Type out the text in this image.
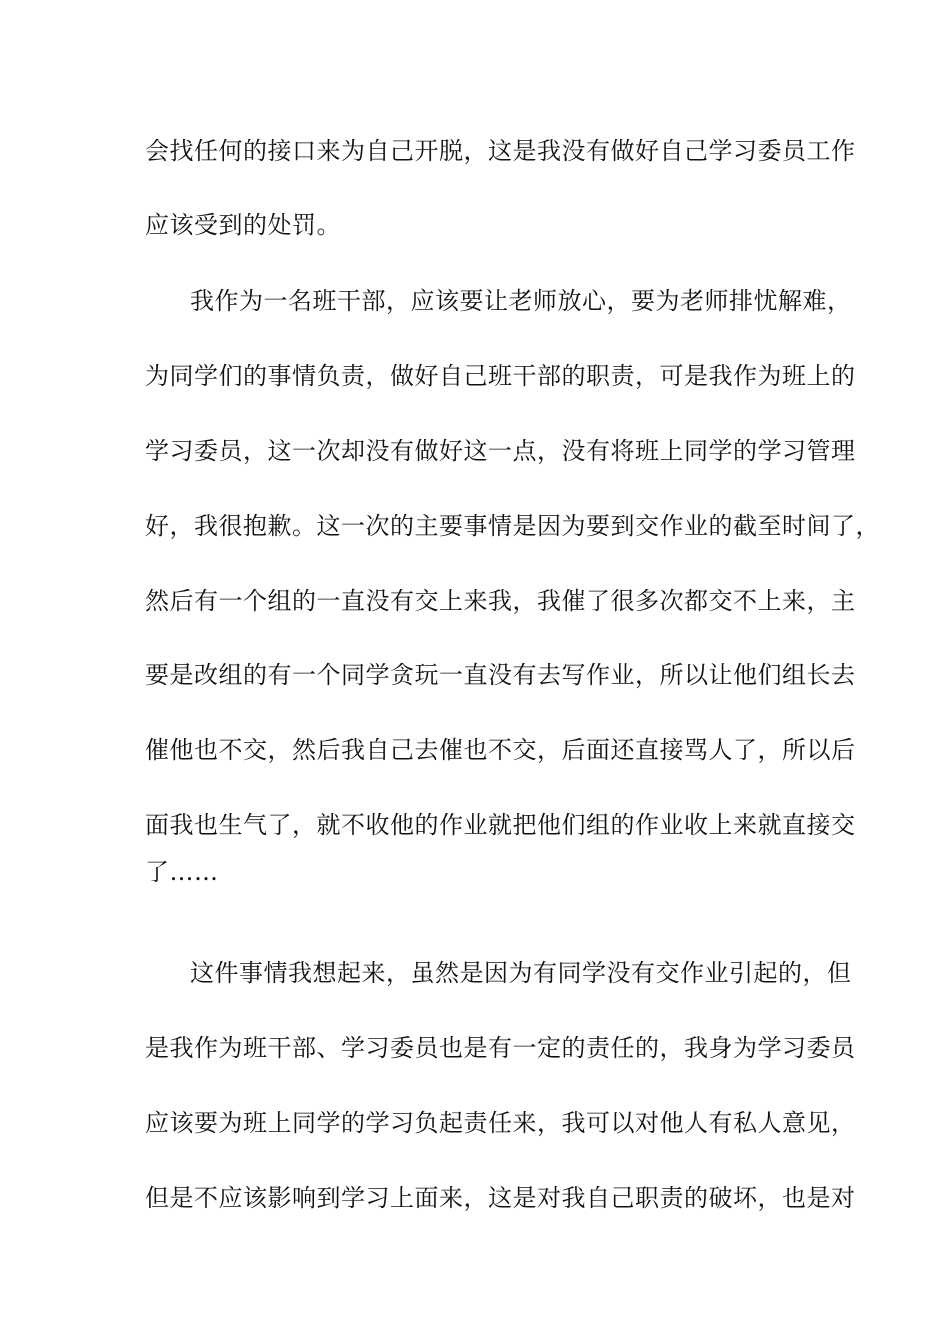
会找任何的接口来为自己开脱，这是我没有做好自己学习委员工作
应该受到的处罚。
我作为一名班干部，应该要让老师放心，要为老师排忧解难，
为同学们的事情负责，做好自己班干部的职责，可是我作为班上的
学习委员，这一次却没有做好这一点，没有将班上同学的学习管理
好，我很抱歉。这一次的主要事情是因为要到交作业的截至时间了，
然后有一个组的一直没有交上来我，我催了很多次都交不上来，主
要是改组的有一个同学贪玩一直没有去写作业，所以让他们组长去
催他也不交，然后我自己去催也不交，后面还直接骂人了，所以后
面我也生气了，就不收他的作业就把他们组的作业收上来就直接交
了……
这件事情我想起来，虽然是因为有同学没有交作业引起的，但
是我作为班干部、学习委员也是有一定的责任的，我身为学习委员
应该要为班上同学的学习负起责任来，我可以对他人有私人意见，
但是不应该影响到学习上面来，这是对我自己职责的破坏，也是对
